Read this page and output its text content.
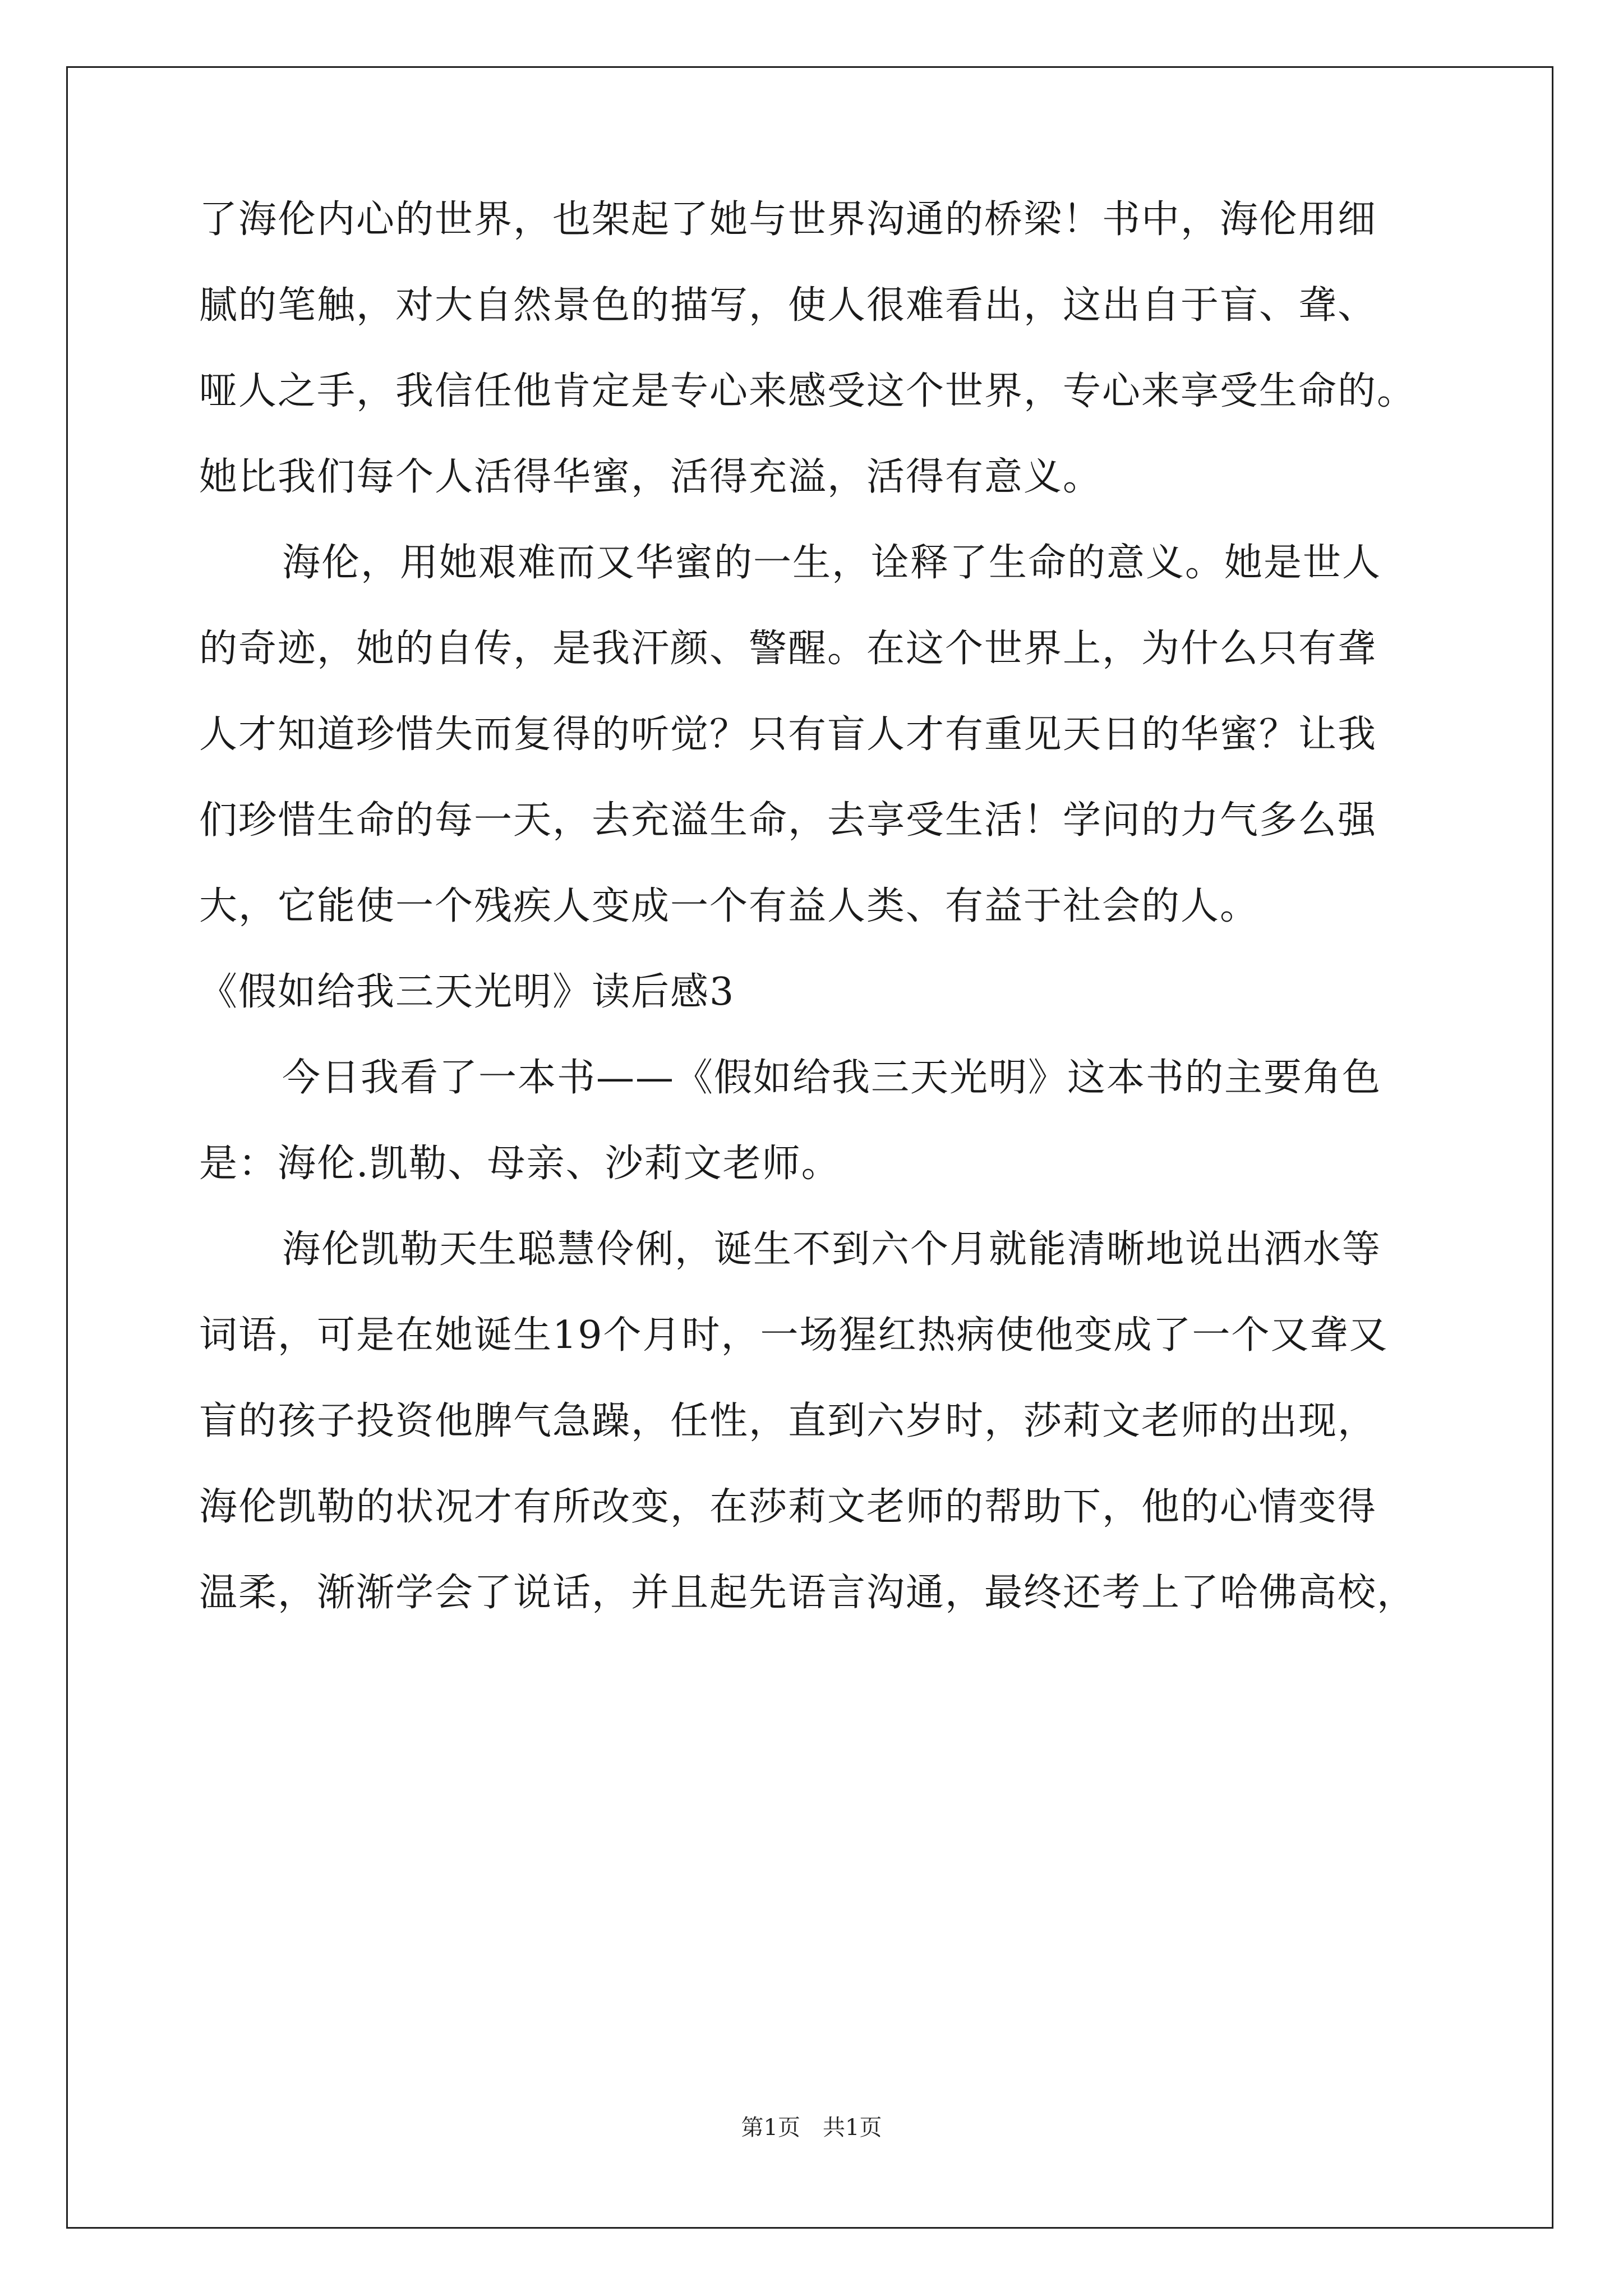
了海伦内心的世界，也架起了她与世界沟通的桥梁！书中，海伦用细
腻的笔触，对大自然景色的描写，使人很难看出，这出自于盲、聋、
哑人之手，我信任他肯定是专心来感受这个世界，专心来享受生命的。
她比我们每个人活得华蜜，活得充溢，活得有意义。
海伦，用她艰难而又华蜜的一生，诠释了生命的意义。她是世人
的奇迹，她的自传，是我汗颜、警醒。在这个世界上，为什么只有聋
人才知道珍惜失而复得的听觉？只有盲人才有重见天日的华蜜？让我
们珍惜生命的每一天，去充溢生命，去享受生活！学问的力气多么强
大，它能使一个残疾人变成一个有益人类、有益于社会的人。
《假如给我三天光明》读后感3
今日我看了一本书——《假如给我三天光明》这本书的主要角色
是：海伦.凯勒、母亲、沙莉文老师。
海伦凯勒天生聪慧伶俐，诞生不到六个月就能清晰地说出洒水等
词语，可是在她诞生19个月时，一场猩红热病使他变成了一个又聋又
盲的孩子投资他脾气急躁，任性，直到六岁时，莎莉文老师的出现，
海伦凯勒的状况才有所改变，在莎莉文老师的帮助下，他的心情变得
温柔，渐渐学会了说话，并且起先语言沟通，最终还考上了哈佛高校，
第1页　共1页
